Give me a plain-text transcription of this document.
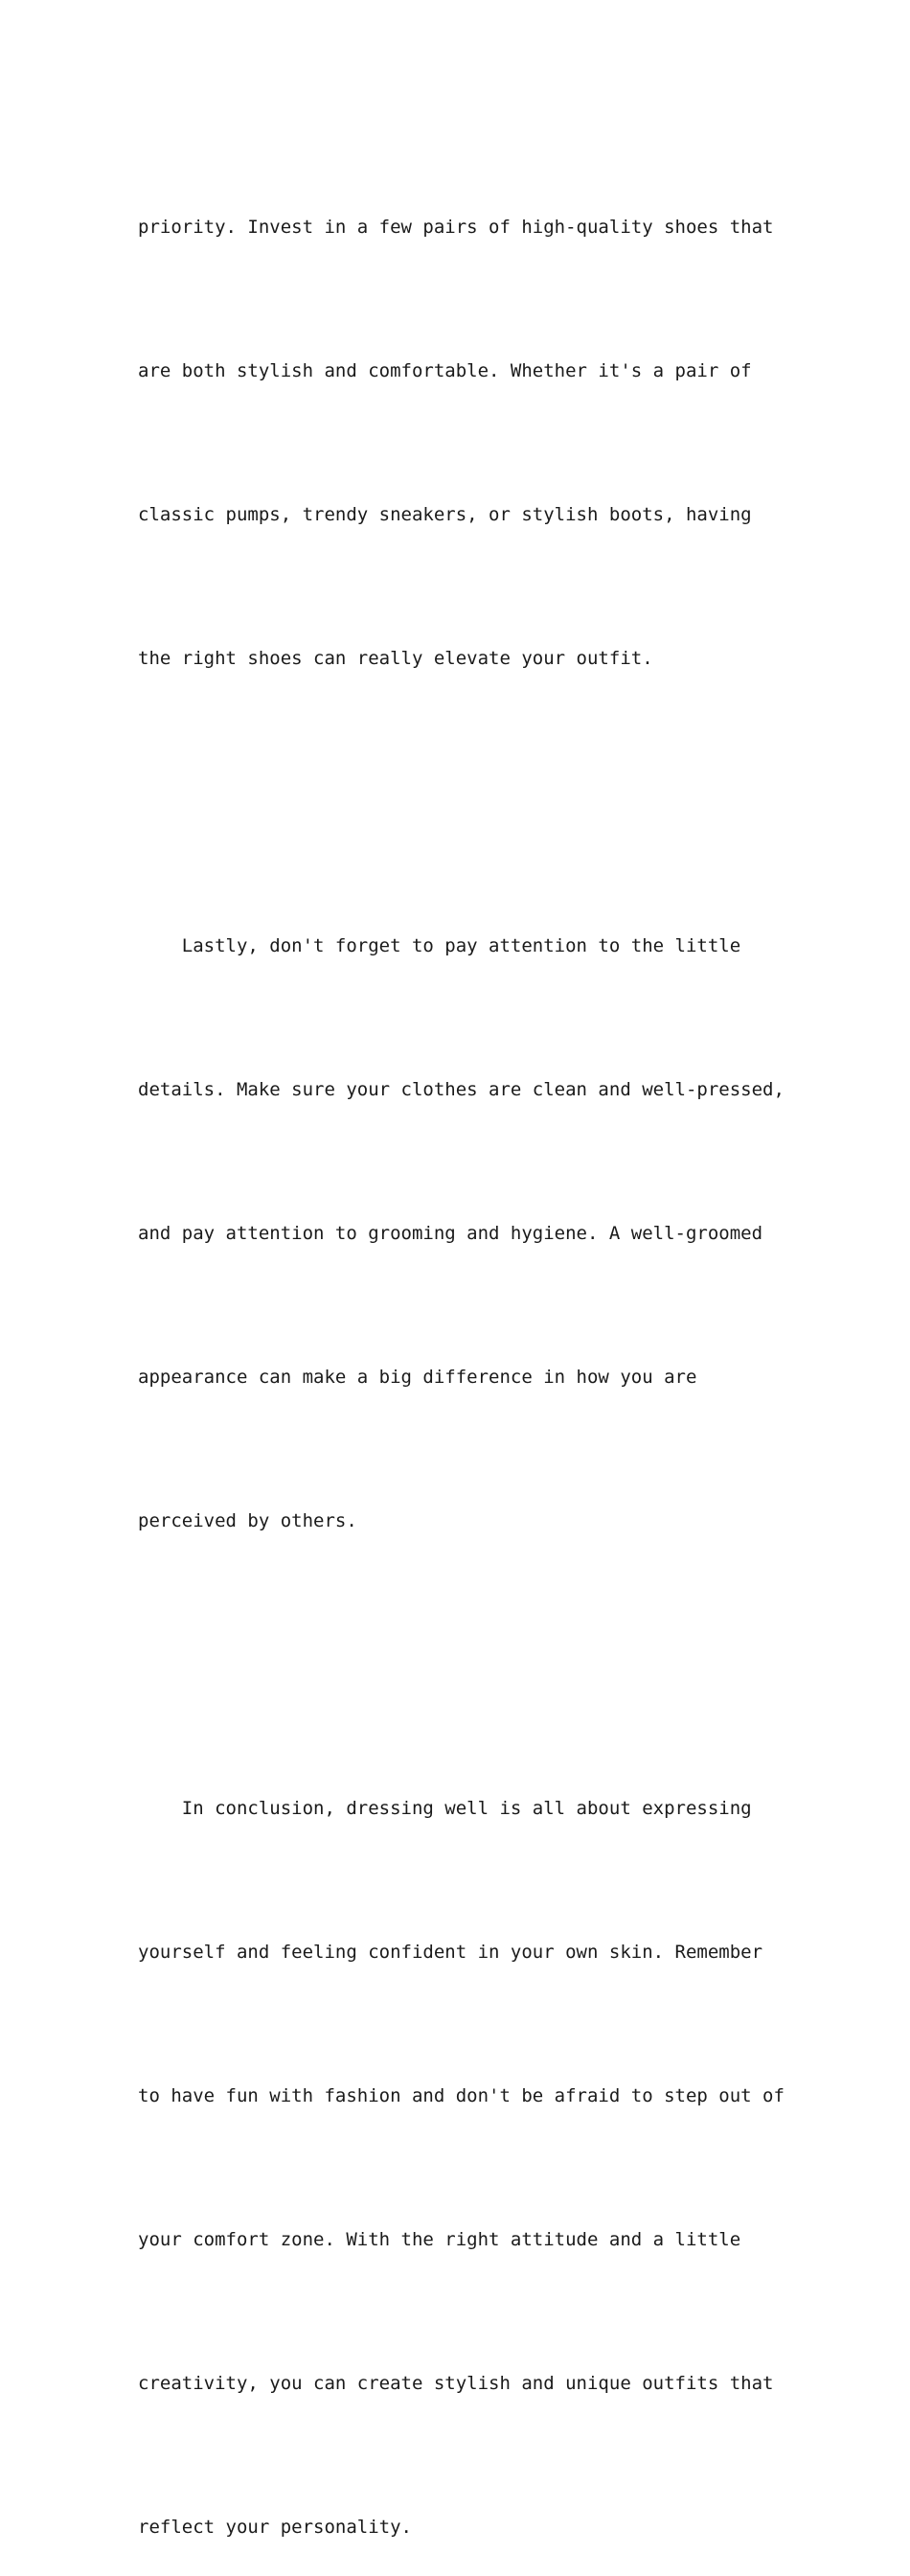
priority. Invest in a few pairs of high-quality shoes that

are both stylish and comfortable. Whether it's a pair of

classic pumps, trendy sneakers, or stylish boots, having

the right shoes can really elevate your outfit.

Lastly, don't forget to pay attention to the little

details. Make sure your clothes are clean and well-pressed,

and pay attention to grooming and hygiene. A well-groomed

appearance can make a big difference in how you are

perceived by others.

In conclusion, dressing well is all about expressing

yourself and feeling confident in your own skin. Remember

to have fun with fashion and don't be afraid to step out of

your comfort zone. With the right attitude and a little

creativity, you can create stylish and unique outfits that

reflect your personality.
